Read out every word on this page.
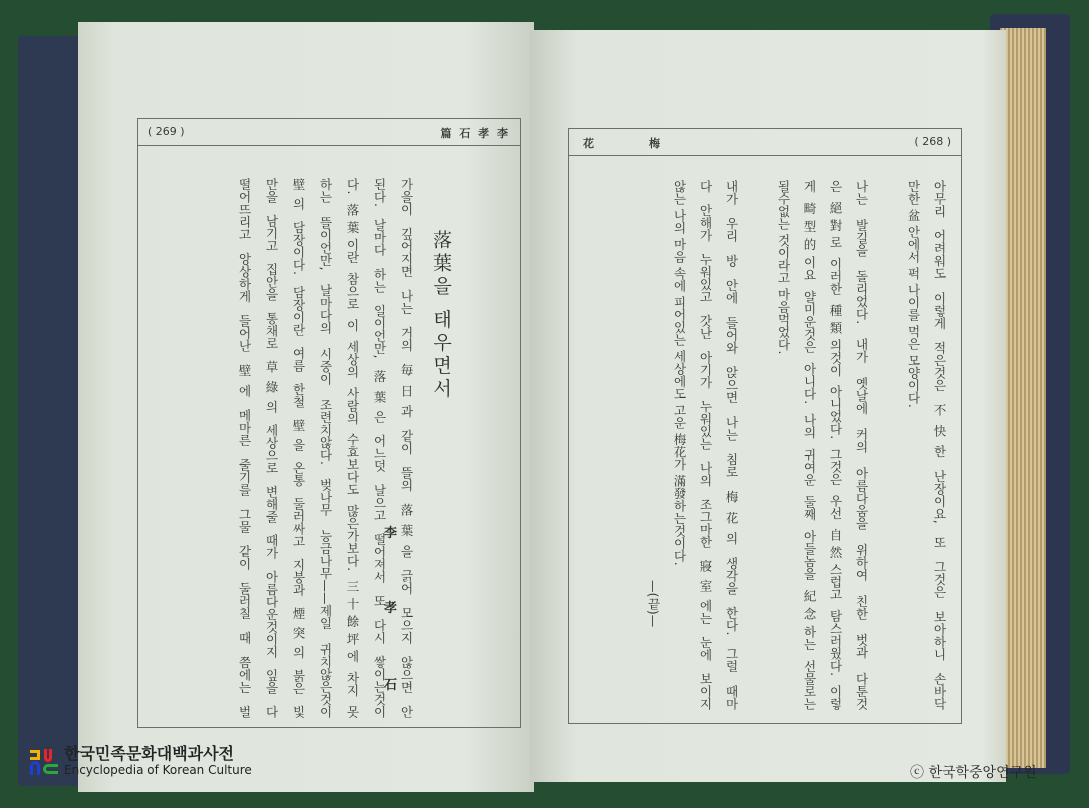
( 269 )	篇 石 孝 李
落葉을 태우면서
李
孝
石 가을이 깊어지면 나는 거의 毎日과 같이 뜰의 落葉을 긁어 모으지 않으면 안
된다. 날마다 하는 일이언만, 落葉은 어느덧 날으고 떨어져서 또 다시 쌓이는것이
다. 落葉이란 참으로 이 세상의 사람의 수효보다도 많은가보다. 三十餘坪에 차지 못
하는 뜰이언만, 날마다의 시중이 조련치않다. 벚나무 능금나무——제일 귀치않은것이
壁의 담장이다. 담장이란 여름 한철 壁을 온통 둘러싸고 지붕과 煙突의 붉은 빛
만을 남기고 집안을 통채로 草綠의 세상으로 변해줄 때가 아름다운것이지 잎을 다
떨어뜨리고 앙상하게 들어난 壁에 메마른 줄기를 그물 같이 둘러칠 때 쯤에는 벌
花	梅	( 268 )
아무리 어려워도 이렇게 적은것은 不快한 난장이요, 또 그것은 보아하니 손바닥
만한 盆 안에서 퍽 나이를 먹은 모양이다.
나는 발길을 돌리었다. 내가 옛날에 커의 아름다움을 위하여 친한 벗과 다툰것
은 絕對로 이러한 種類의것이 아니었다. 그것은 우선 自然스럽고 탐스러웠다. 이렇
게 畸型的이요 얄미운것은 아니다. 나의 귀여운 둘째 아들놈을 紀念하는 선물로는
될수없는 것이라고 마음먹었다.
내가 우리 방 안에 들어와 앉으면 나는 침로 梅花의 생각을 한다. 그럴 때마
다 안해가 누워있고 갓난 아기가 누워있는 나의 조그마한 寢室에는 눈에 보이지
않는 나의 마음 속에 피어있는 세상에도 고운 梅花가 滿發하는것이다.
—(끝)—
한국민족문화대백과사전
Encyclopedia of Korean Culture	ⓒ 한국학중앙연구원
